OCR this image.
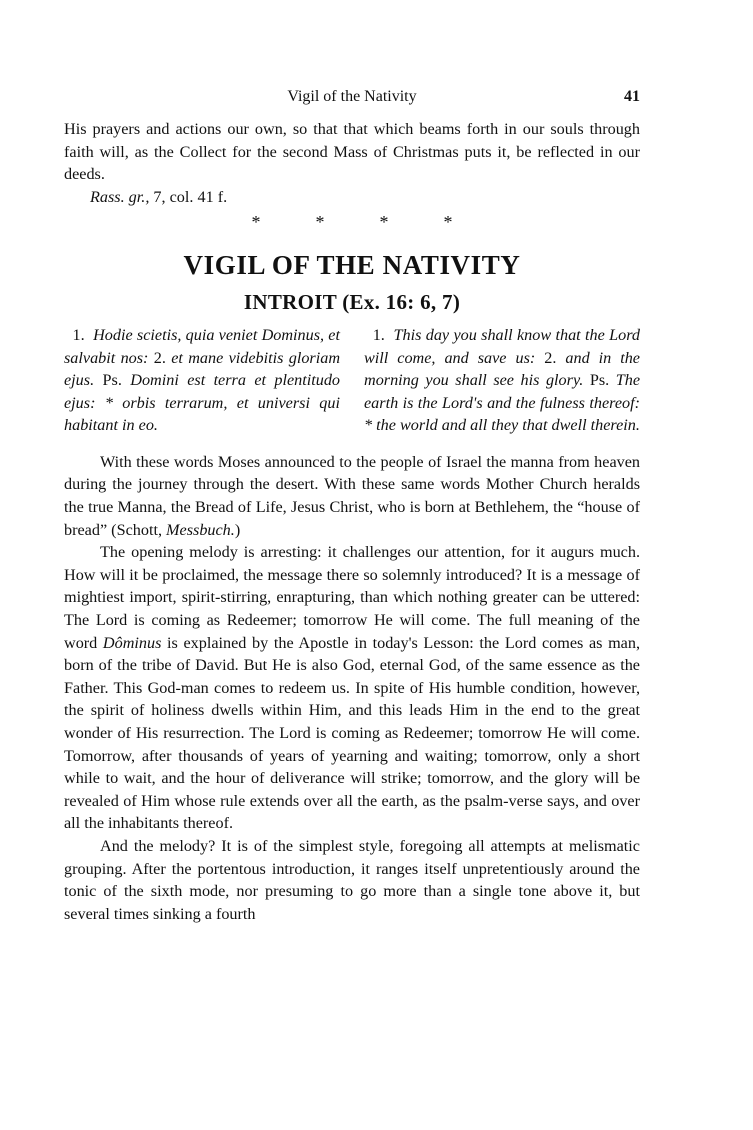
Vigil of the Nativity	41

His prayers and actions our own, so that that which beams forth in our souls through faith will, as the Collect for the second Mass of Christmas puts it, be reflected in our deeds.

Rass. gr., 7, col. 41 f.

*	*	*	*
VIGIL OF THE NATIVITY
INTROIT (Ex. 16: 6, 7)
1. Hodie scietis, quia veniet Dominus, et salvabit nos: 2. et mane videbitis gloriam ejus. Ps. Domini est terra et plentitudo ejus: * orbis terrarum, et universi qui habitant in eo.
1. This day you shall know that the Lord will come, and save us: 2. and in the morning you shall see his glory. Ps. The earth is the Lord's and the fulness thereof: * the world and all they that dwell therein.

With these words Moses announced to the people of Israel the manna from heaven during the journey through the desert. With these same words Mother Church heralds the true Manna, the Bread of Life, Jesus Christ, who is born at Bethlehem, the “house of bread” (Schott, Messbuch.)

The opening melody is arresting: it challenges our attention, for it augurs much. How will it be proclaimed, the message there so solemnly introduced? It is a message of mightiest import, spirit-stirring, enrapturing, than which nothing greater can be uttered: The Lord is coming as Redeemer; tomorrow He will come. The full meaning of the word Dôminus is explained by the Apostle in today's Lesson: the Lord comes as man, born of the tribe of David. But He is also God, eternal God, of the same essence as the Father. This God-man comes to redeem us. In spite of His humble condition, however, the spirit of holiness dwells within Him, and this leads Him in the end to the great wonder of His resurrection. The Lord is coming as Redeemer; tomorrow He will come. Tomorrow, after thousands of years of yearning and waiting; tomorrow, only a short while to wait, and the hour of deliverance will strike; tomorrow, and the glory will be revealed of Him whose rule extends over all the earth, as the psalm-verse says, and over all the inhabitants thereof.

And the melody? It is of the simplest style, foregoing all attempts at melismatic grouping. After the portentous introduction, it ranges itself unpretentiously around the tonic of the sixth mode, nor presuming to go more than a single tone above it, but several times sinking a fourth
